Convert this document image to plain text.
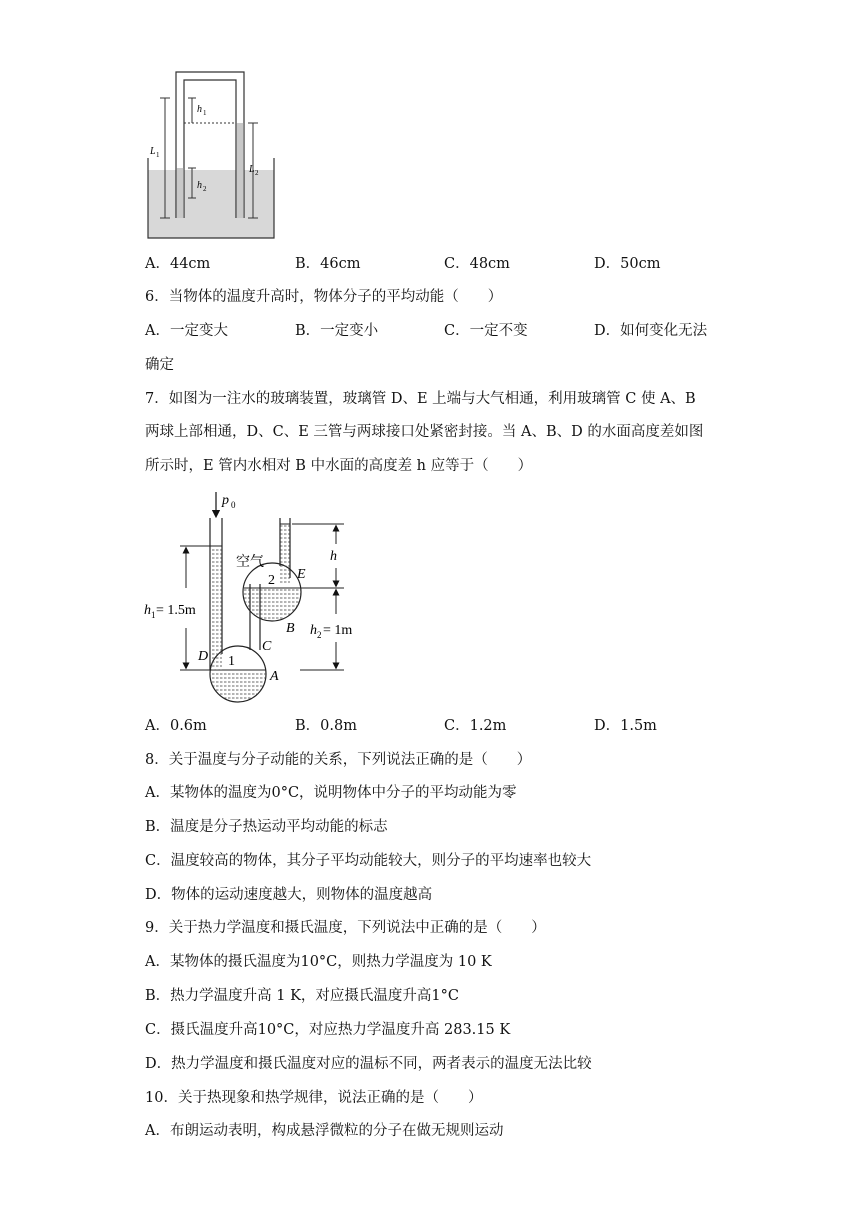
h 1
L 1
h 2
L 2
A．44cm	B．46cm	C．48cm	D．50cm
6．当物体的温度升高时，物体分子的平均动能（　　）
A．一定变大	B．一定变小	C．一定不变	D．如何变化无法
确定
7．如图为一注水的玻璃装置，玻璃管 D、E 上端与大气相通，利用玻璃管 C 使 A、B
两球上部相通，D、C、E 三管与两球接口处紧密封接。当 A、B、D 的水面高度差如图
所示时，E 管内水相对 B 中水面的高度差 h 应等于（　　）
p 0
空气	h
E
B
C
D
A
1
2
h 1 = 1.5m
h 2 = 1m
A．0.6m	B．0.8m	C．1.2m	D．1.5m
8．关于温度与分子动能的关系，下列说法正确的是（　　）
A．某物体的温度为0°C，说明物体中分子的平均动能为零
B．温度是分子热运动平均动能的标志
C．温度较高的物体，其分子平均动能较大，则分子的平均速率也较大
D．物体的运动速度越大，则物体的温度越高
9．关于热力学温度和摄氏温度，下列说法中正确的是（　　）
A．某物体的摄氏温度为10°C，则热力学温度为 10 K
B．热力学温度升高 1 K，对应摄氏温度升高1°C
C．摄氏温度升高10°C，对应热力学温度升高 283.15 K
D．热力学温度和摄氏温度对应的温标不同，两者表示的温度无法比较
10．关于热现象和热学规律，说法正确的是（　　）
A．布朗运动表明，构成悬浮微粒的分子在做无规则运动
